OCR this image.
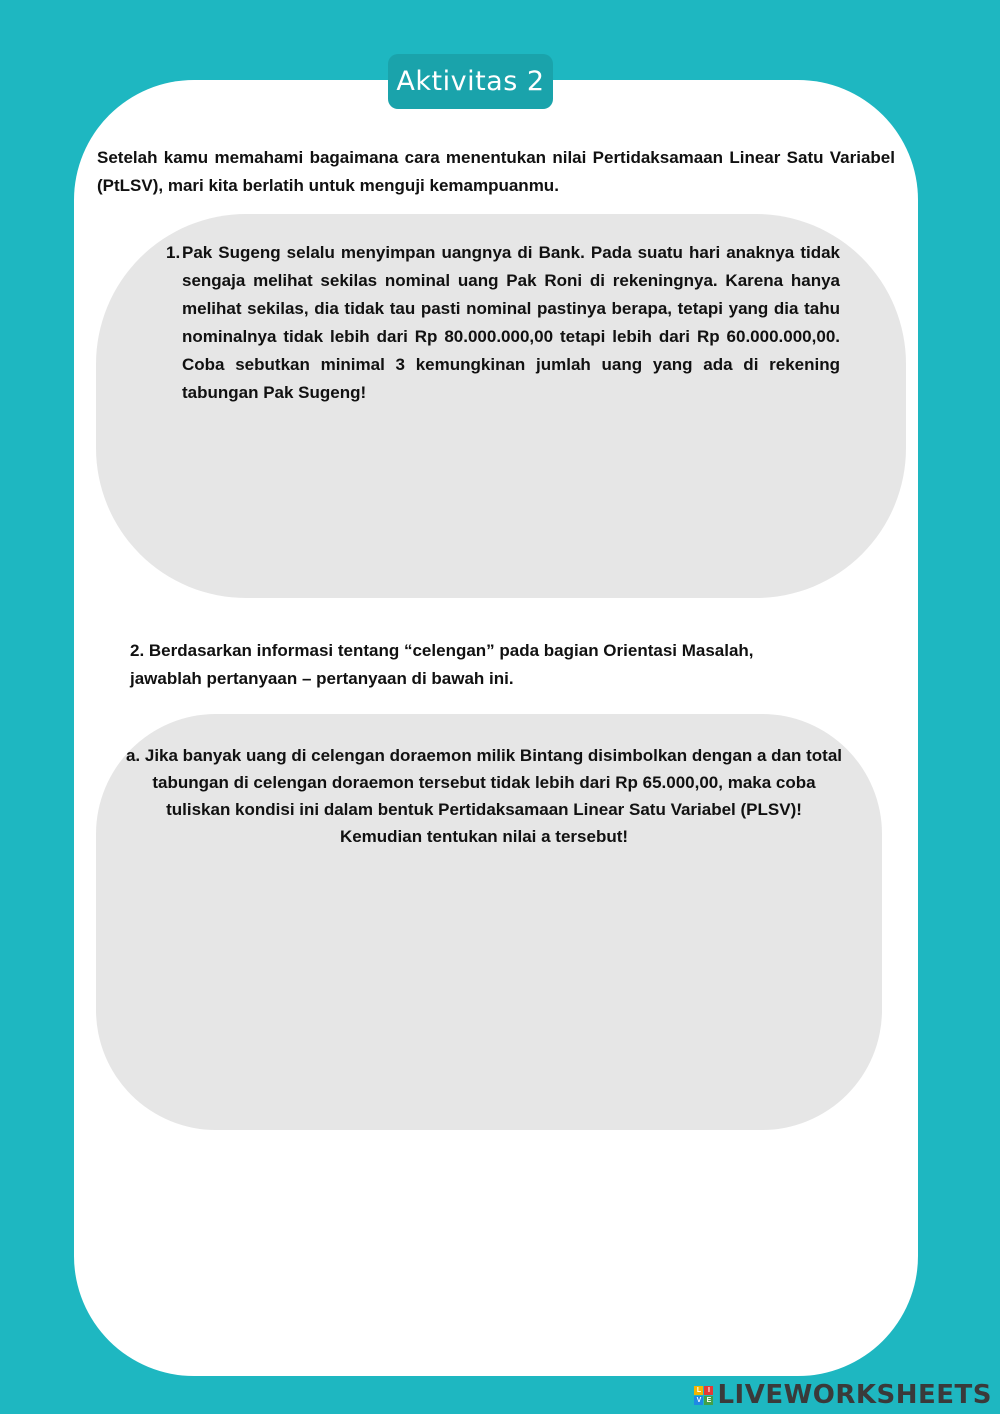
Aktivitas 2
Setelah kamu memahami bagaimana cara menentukan nilai Pertidaksamaan Linear Satu Variabel (PtLSV), mari kita berlatih untuk menguji kemampuanmu.
1. Pak Sugeng selalu menyimpan uangnya di Bank. Pada suatu hari anaknya tidak sengaja melihat sekilas nominal uang Pak Roni di rekeningnya. Karena hanya melihat sekilas, dia tidak tau pasti nominal pastinya berapa, tetapi yang dia tahu nominalnya tidak lebih dari Rp 80.000.000,00 tetapi lebih dari Rp 60.000.000,00. Coba sebutkan minimal 3 kemungkinan jumlah uang yang ada di rekening tabungan Pak Sugeng!
2. Berdasarkan informasi tentang “celengan” pada bagian Orientasi Masalah, jawablah pertanyaan – pertanyaan di bawah ini.
a. Jika banyak uang di celengan doraemon milik Bintang disimbolkan dengan a dan total tabungan di celengan doraemon tersebut tidak lebih dari Rp 65.000,00, maka coba tuliskan kondisi ini dalam bentuk Pertidaksamaan Linear Satu Variabel (PLSV)! Kemudian tentukan nilai a tersebut!
L I
V E LIVEWORKSHEETS
